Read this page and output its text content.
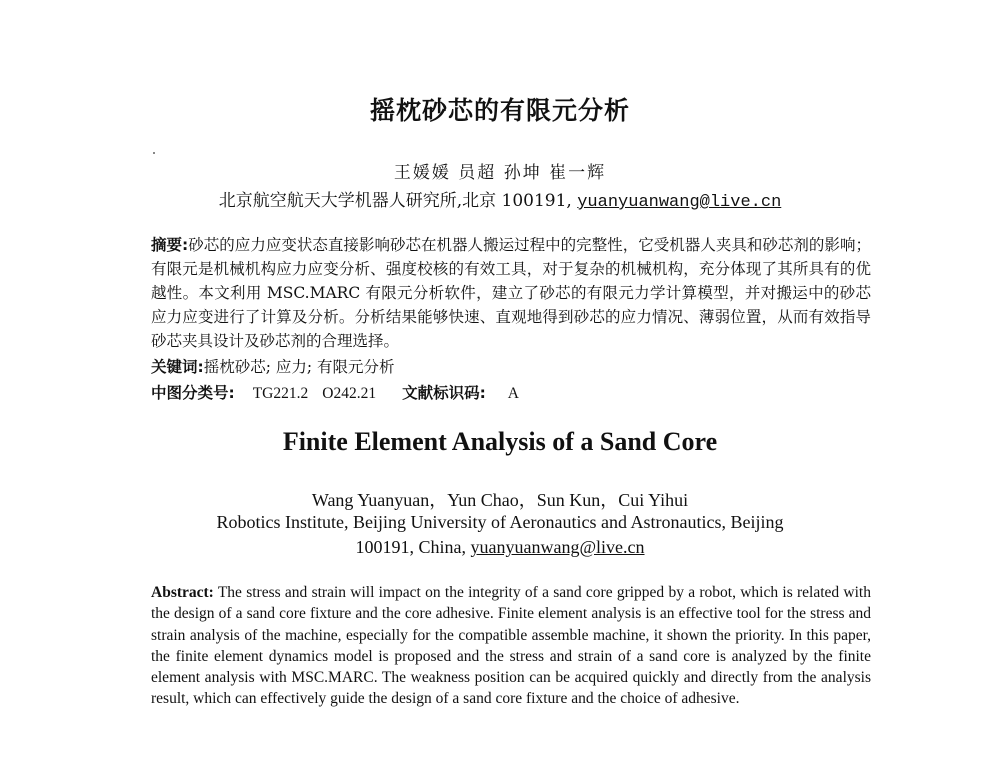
摇枕砂芯的有限元分析
王媛媛 员超 孙坤 崔一辉
北京航空航天大学机器人研究所,北京 100191, yuanyuanwang@live.cn

摘要:砂芯的应力应变状态直接影响砂芯在机器人搬运过程中的完整性，它受机器人夹具和砂芯剂的影响；有限元是机械机构应力应变分析、强度校核的有效工具，对于复杂的机械机构，充分体现了其所具有的优越性。本文利用 MSC.MARC 有限元分析软件，建立了砂芯的有限元力学计算模型，并对搬运中的砂芯应力应变进行了计算及分析。分析结果能够快速、直观地得到砂芯的应力情况、薄弱位置，从而有效指导砂芯夹具设计及砂芯剂的合理选择。

关键词:摇枕砂芯; 应力; 有限元分析
中图分类号: TG221.2 O242.21 文献标识码: A
Finite Element Analysis of a Sand Core
Wang Yuanyuan，Yun Chao，Sun Kun，Cui Yihui
Robotics Institute, Beijing University of Aeronautics and Astronautics, Beijing
100191, China, yuanyuanwang@live.cn
Abstract: The stress and strain will impact on the integrity of a sand core gripped by a robot, which is related with the design of a sand core fixture and the core adhesive. Finite element analysis is an effective tool for the stress and strain analysis of the machine, especially for the compatible assemble machine, it shown the priority. In this paper, the finite element dynamics model is proposed and the stress and strain of a sand core is analyzed by the finite element analysis with MSC.MARC. The weakness position can be acquired quickly and directly from the analysis result, which can effectively guide the design of a sand core fixture and the choice of adhesive.
